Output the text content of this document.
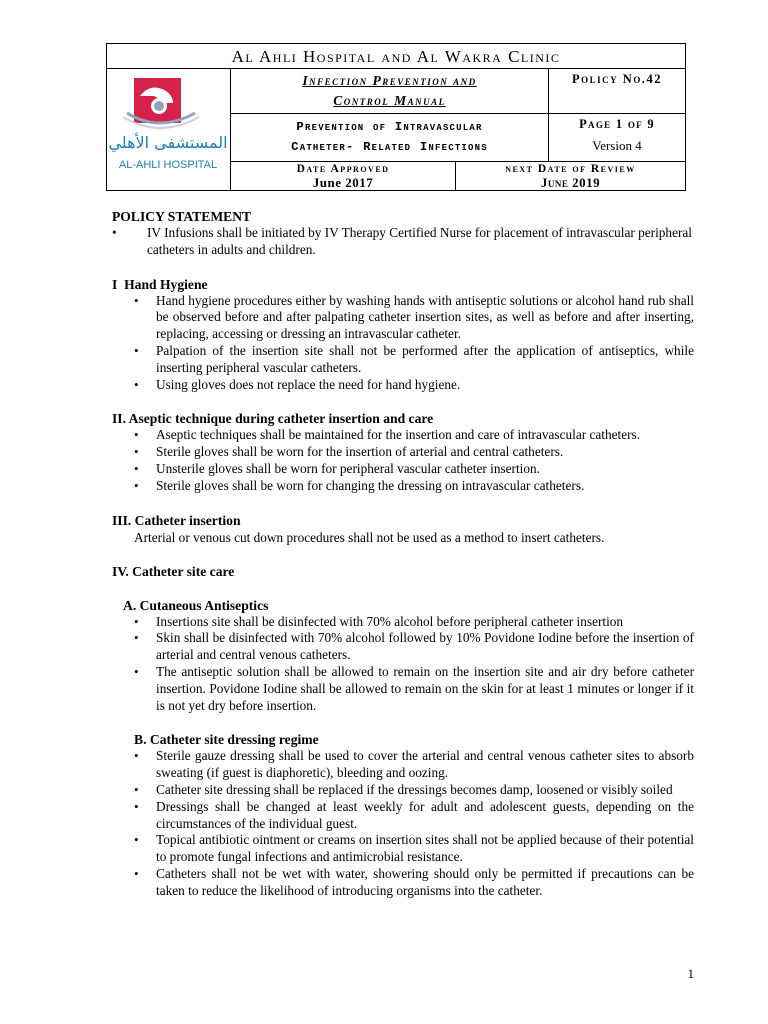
Al Ahli Hospital and Al Wakra Clinic
المستشفى الأهلي
AL-AHLI HOSPITAL
Infection Prevention and
Control Manual
Policy No.42
Prevention of Intravascular
Catheter- Related Infections
Page 1 of 9
Version 4
Date Approved
June 2017
next Date of Review
June 2019
POLICY STATEMENT
• IV Infusions shall be initiated by IV Therapy Certified Nurse for placement of intravascular peripheral catheters in adults and children.
I  Hand Hygiene
• Hand hygiene procedures either by washing hands with antiseptic solutions or alcohol hand rub shall be observed before and after palpating catheter insertion sites, as well as before and after inserting, replacing, accessing or dressing an intravascular catheter.
• Palpation of the insertion site shall not be performed after the application of antiseptics, while inserting peripheral vascular catheters.
• Using gloves does not replace the need for hand hygiene.
II. Aseptic technique during catheter insertion and care
• Aseptic techniques shall be maintained for the insertion and care of intravascular catheters.
• Sterile gloves shall be worn for the insertion of arterial and central catheters.
• Unsterile gloves shall be worn for peripheral vascular catheter insertion.
• Sterile gloves shall be worn for changing the dressing on intravascular catheters.
III. Catheter insertion
Arterial or venous cut down procedures shall not be used as a method to insert catheters.
IV. Catheter site care
A. Cutaneous Antiseptics
• Insertions site shall be disinfected with 70% alcohol before peripheral catheter insertion
• Skin shall be disinfected with 70% alcohol followed by 10% Povidone Iodine before the insertion of arterial and central venous catheters.
• The antiseptic solution shall be allowed to remain on the insertion site and air dry before catheter insertion. Povidone Iodine shall be allowed to remain on the skin for at least 1 minutes or longer if it is not yet dry before insertion.
B. Catheter site dressing regime
• Sterile gauze dressing shall be used to cover the arterial and central venous catheter sites to absorb sweating (if guest is diaphoretic), bleeding and oozing.
• Catheter site dressing shall be replaced if the dressings becomes damp, loosened or visibly soiled
• Dressings shall be changed at least weekly for adult and adolescent guests, depending on the circumstances of the individual guest.
• Topical antibiotic ointment or creams on insertion sites shall not be applied because of their potential to promote fungal infections and antimicrobial resistance.
• Catheters shall not be wet with water, showering should only be permitted if precautions can be taken to reduce the likelihood of introducing organisms into the catheter.
1
